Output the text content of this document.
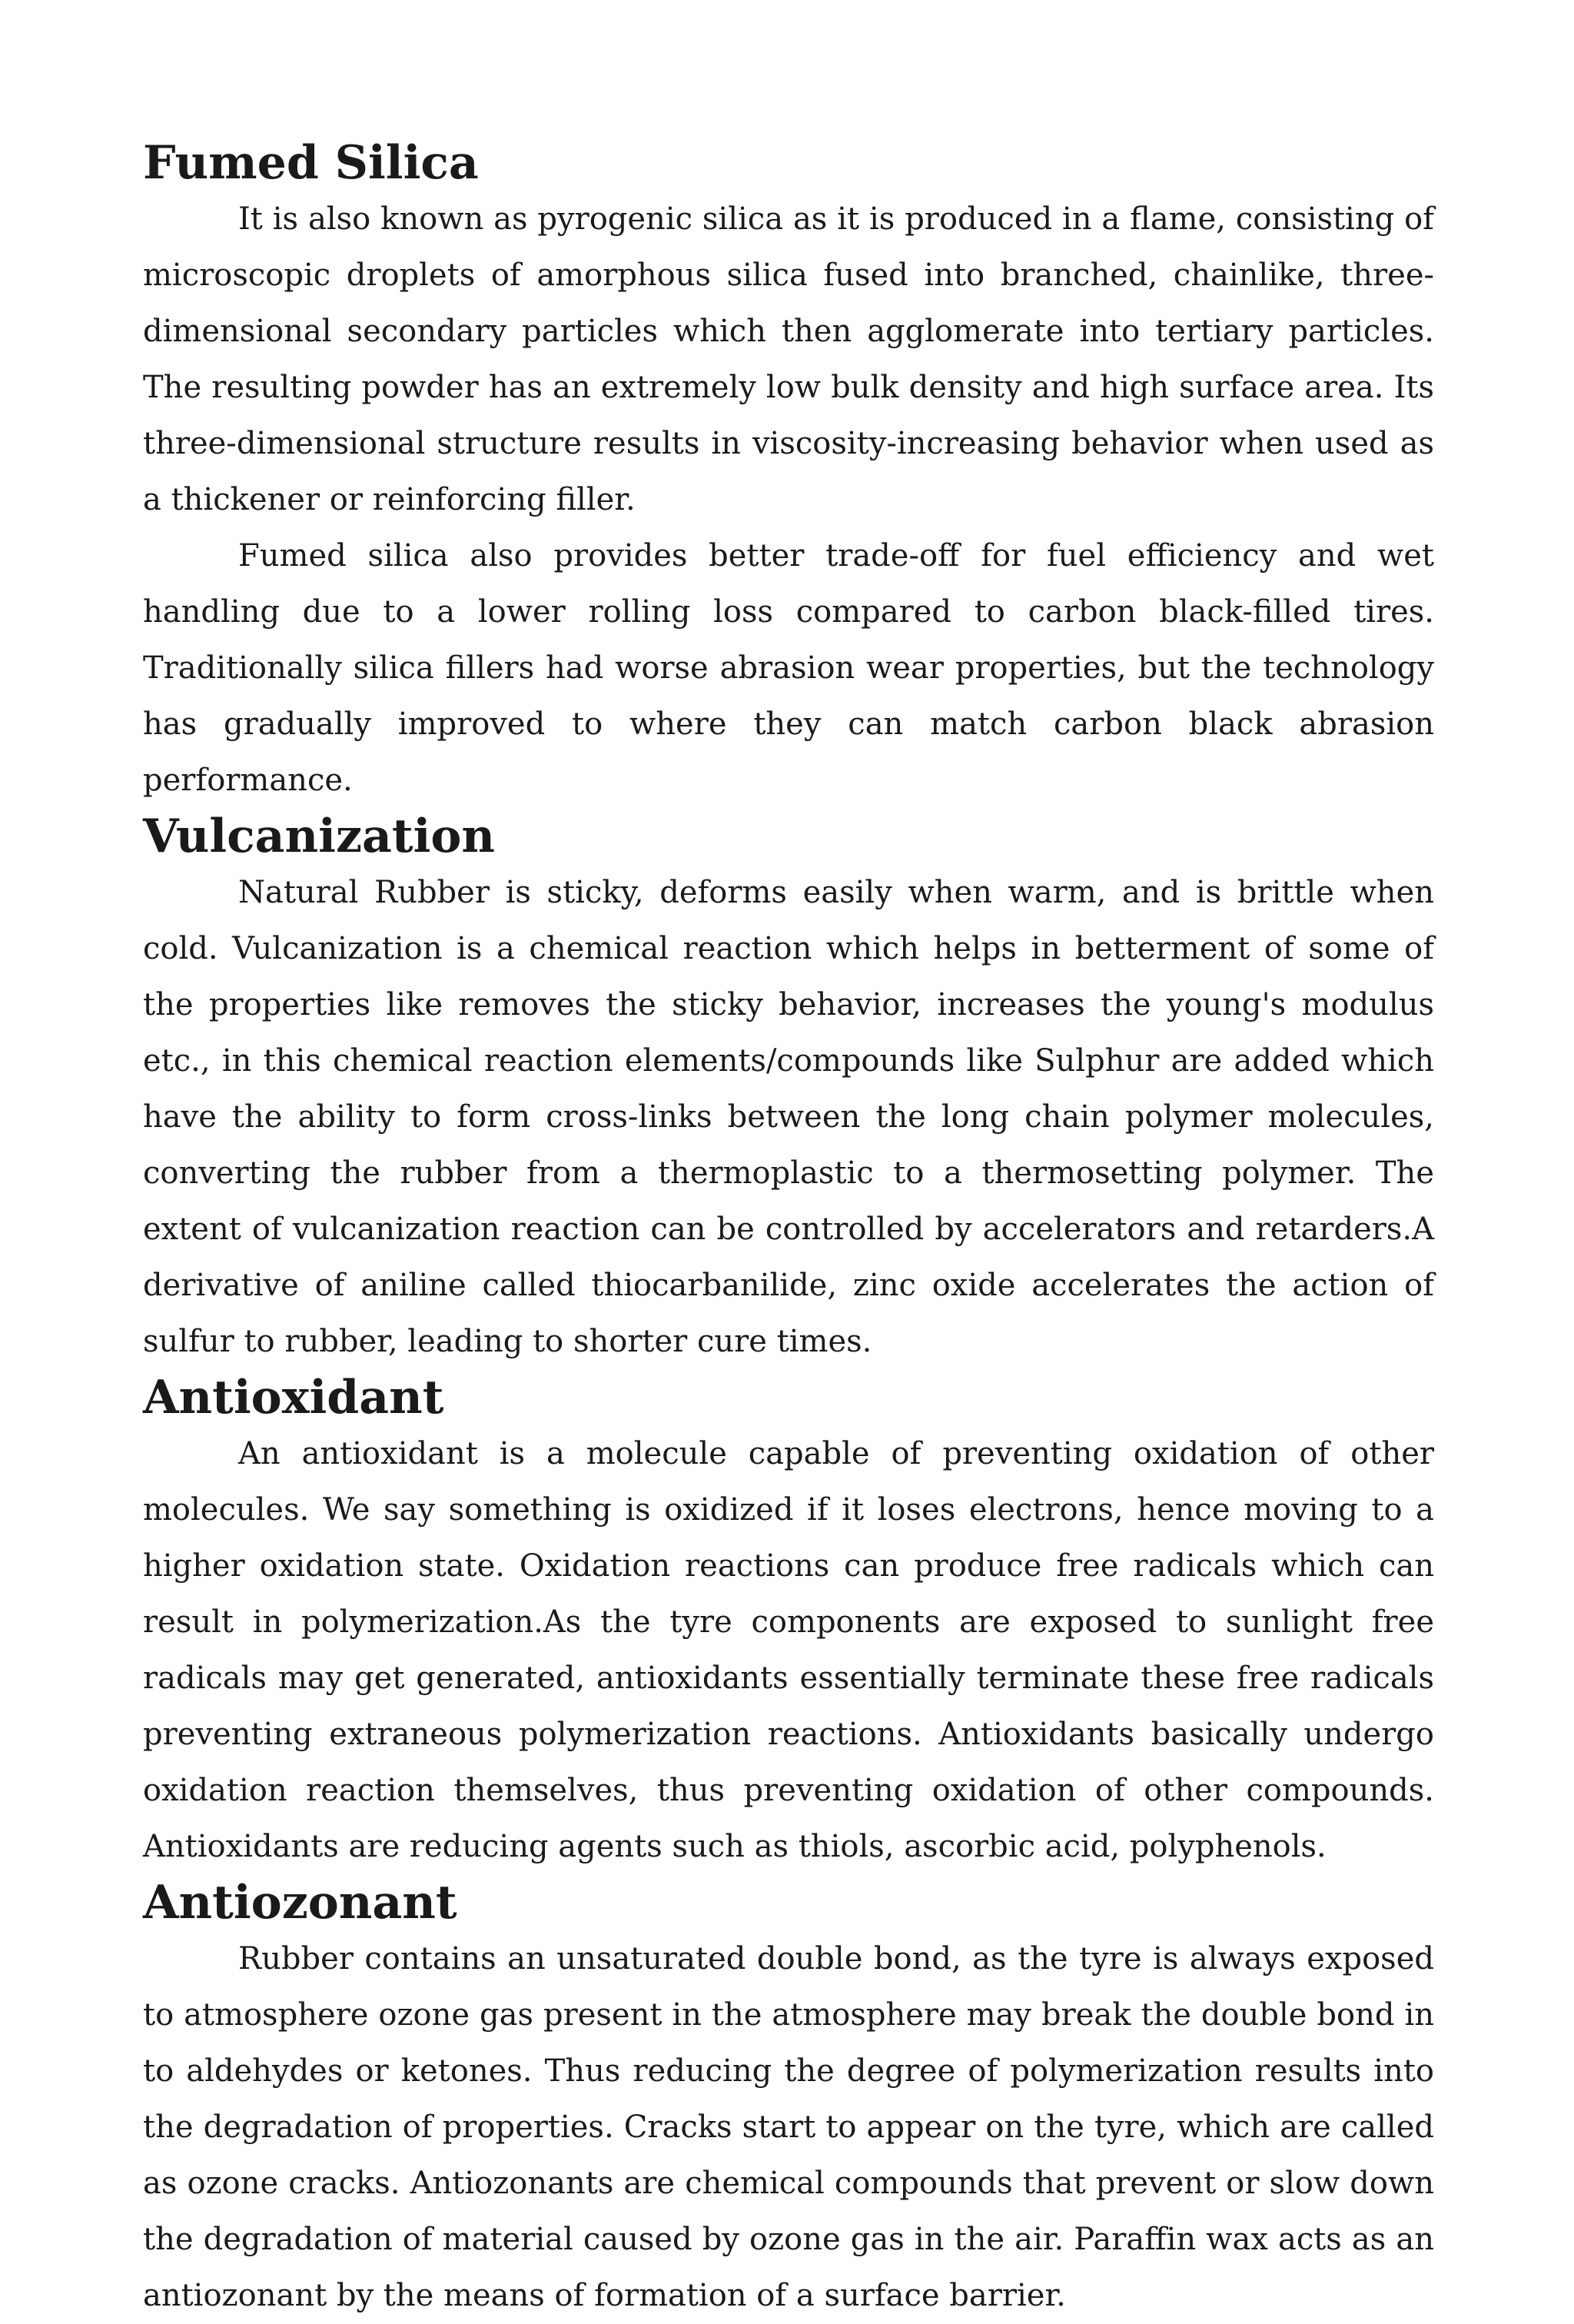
Fumed Silica

It is also known as pyrogenic silica as it is produced in a flame, consisting of microscopic droplets of amorphous silica fused into branched, chainlike, three-dimensional secondary particles which then agglomerate into tertiary particles. The resulting powder has an extremely low bulk density and high surface area. Its three-dimensional structure results in viscosity-increasing behavior when used as a thickener or reinforcing filler.

Fumed silica also provides better trade-off for fuel efficiency and wet handling due to a lower rolling loss compared to carbon black-filled tires. Traditionally silica fillers had worse abrasion wear properties, but the technology has gradually improved to where they can match carbon black abrasion performance.

Vulcanization

Natural Rubber is sticky, deforms easily when warm, and is brittle when cold. Vulcanization is a chemical reaction which helps in betterment of some of the properties like removes the sticky behavior, increases the young's modulus etc., in this chemical reaction elements/compounds like Sulphur are added which have the ability to form cross-links between the long chain polymer molecules, converting the rubber from a thermoplastic to a thermosetting polymer. The extent of vulcanization reaction can be controlled by accelerators and retarders.A derivative of aniline called thiocarbanilide, zinc oxide accelerates the action of sulfur to rubber, leading to shorter cure times.

Antioxidant

An antioxidant is a molecule capable of preventing oxidation of other molecules. We say something is oxidized if it loses electrons, hence moving to a higher oxidation state. Oxidation reactions can produce free radicals which can result in polymerization.As the tyre components are exposed to sunlight free radicals may get generated, antioxidants essentially terminate these free radicals preventing extraneous polymerization reactions. Antioxidants basically undergo oxidation reaction themselves, thus preventing oxidation of other compounds. Antioxidants are reducing agents such as thiols, ascorbic acid, polyphenols.

Antiozonant

Rubber contains an unsaturated double bond, as the tyre is always exposed to atmosphere ozone gas present in the atmosphere may break the double bond in to aldehydes or ketones. Thus reducing the degree of polymerization results into the degradation of properties. Cracks start to appear on the tyre, which are called as ozone cracks. Antiozonants are chemical compounds that prevent or slow down the degradation of material caused by ozone gas in the air. Paraffin wax acts as an antiozonant by the means of formation of a surface barrier.
